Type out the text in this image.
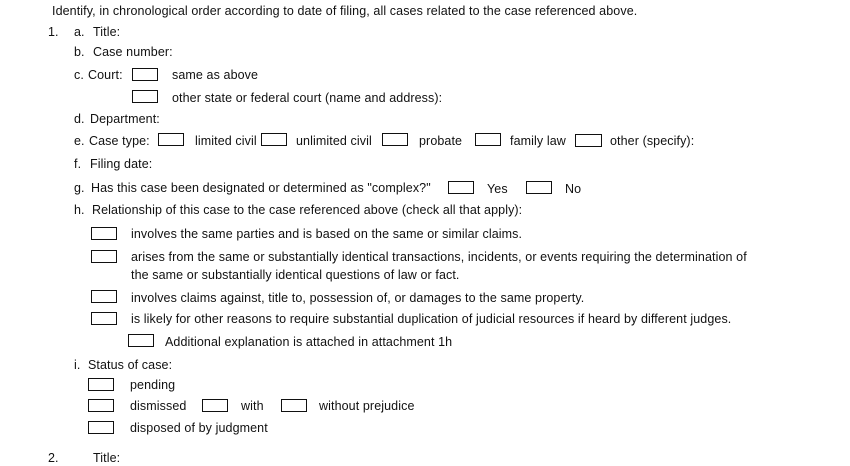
Identify, in chronological order according to date of filing, all cases related to the case referenced above.
1. a. Title:
b. Case number:
c. Court:	same as above
other state or federal court (name and address):
d. Department:
e. Case type:	limited civil	unlimited civil	probate	family law	other (specify):
f. Filing date:
g. Has this case been designated or determined as "complex?"	Yes	No
h. Relationship of this case to the case referenced above (check all that apply):
involves the same parties and is based on the same or similar claims.
arises from the same or substantially identical transactions, incidents, or events requiring the determination of
the same or substantially identical questions of law or fact.
involves claims against, title to, possession of, or damages to the same property.
is likely for other reasons to require substantial duplication of judicial resources if heard by different judges.
Additional explanation is attached in attachment 1h
i. Status of case:
pending
dismissed	with	without prejudice
disposed of by judgment
2.	Title:
